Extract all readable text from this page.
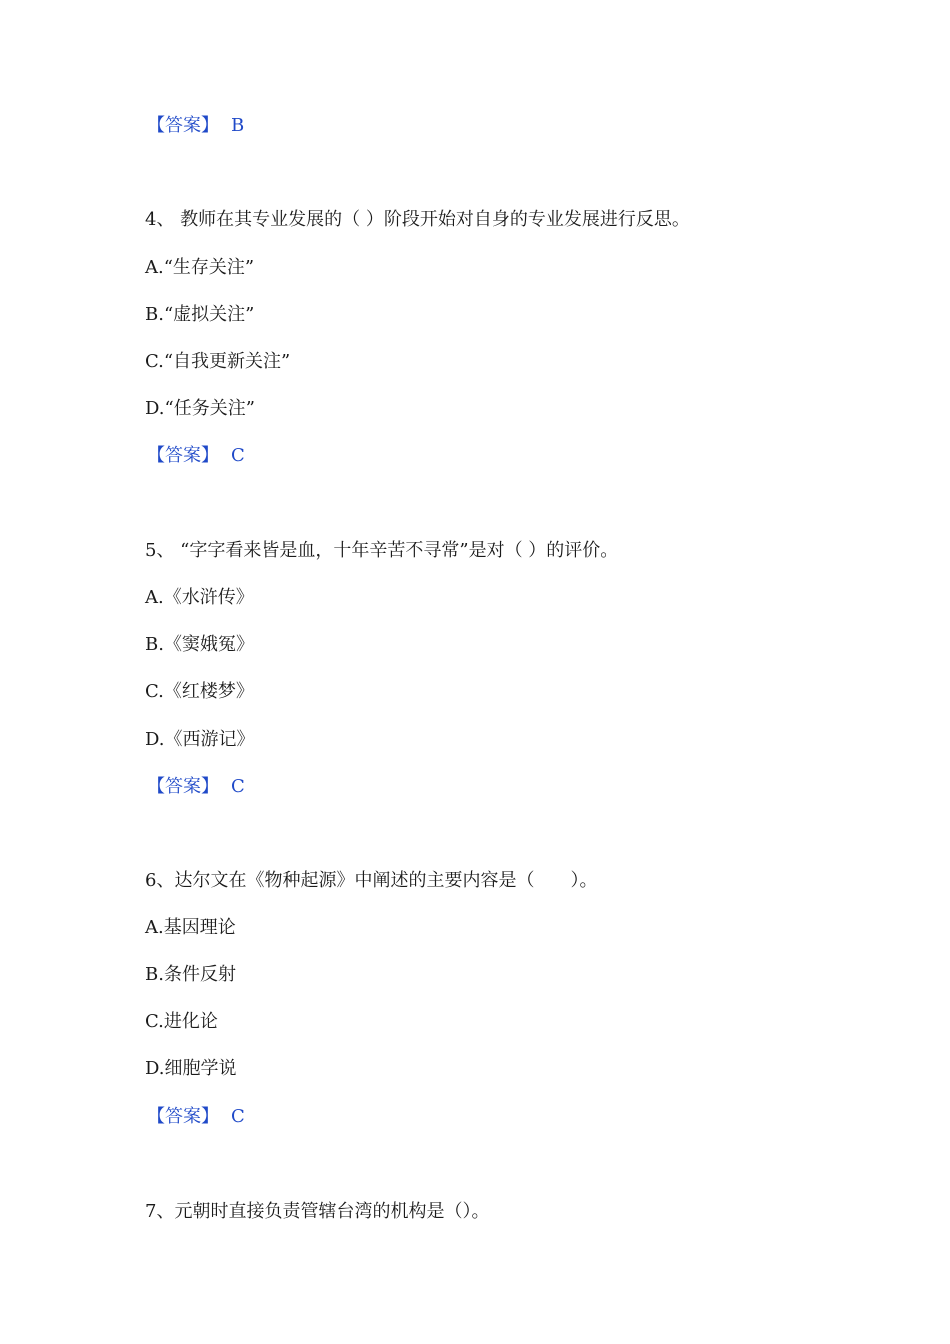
【答案】 B
4、 教师在其专业发展的（ ）阶段开始对自身的专业发展进行反思。
A.“生存关注”
B.“虚拟关注”
C.“自我更新关注”
D.“任务关注”
【答案】 C
5、 “字字看来皆是血，十年辛苦不寻常”是对（ ）的评价。
A.《水浒传》
B.《窦娥冤》
C.《红楼梦》
D.《西游记》
【答案】 C
6、达尔文在《物种起源》中阐述的主要内容是（　　）。
A.基因理论
B.条件反射
C.进化论
D.细胞学说
【答案】 C
7、元朝时直接负责管辖台湾的机构是（）。
